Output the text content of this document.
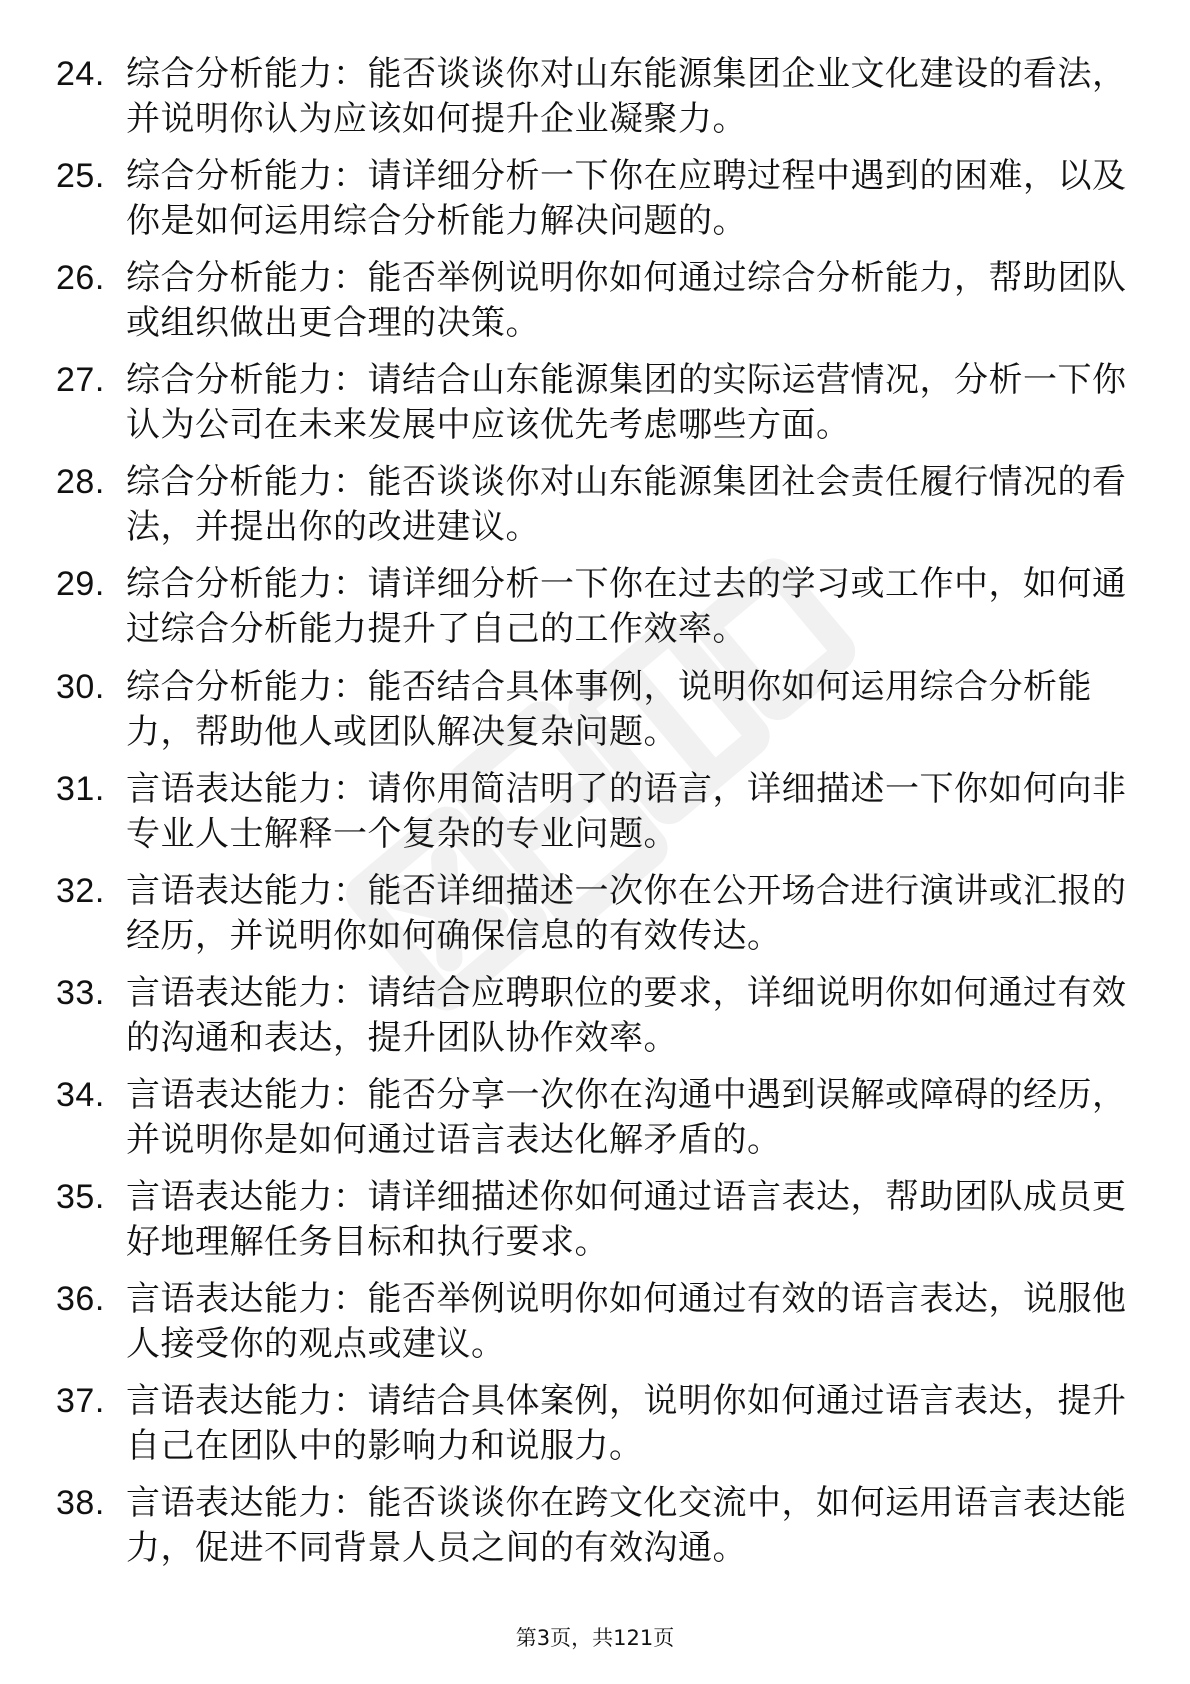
24. 综合分析能力：能否谈谈你对山东能源集团企业文化建设的看法，并说明你认为应该如何提升企业凝聚力。
25. 综合分析能力：请详细分析一下你在应聘过程中遇到的困难，以及你是如何运用综合分析能力解决问题的。
26. 综合分析能力：能否举例说明你如何通过综合分析能力，帮助团队或组织做出更合理的决策。
27. 综合分析能力：请结合山东能源集团的实际运营情况，分析一下你认为公司在未来发展中应该优先考虑哪些方面。
28. 综合分析能力：能否谈谈你对山东能源集团社会责任履行情况的看法，并提出你的改进建议。
29. 综合分析能力：请详细分析一下你在过去的学习或工作中，如何通过综合分析能力提升了自己的工作效率。
30. 综合分析能力：能否结合具体事例，说明你如何运用综合分析能力，帮助他人或团队解决复杂问题。
31. 言语表达能力：请你用简洁明了的语言，详细描述一下你如何向非专业人士解释一个复杂的专业问题。
32. 言语表达能力：能否详细描述一次你在公开场合进行演讲或汇报的经历，并说明你如何确保信息的有效传达。
33. 言语表达能力：请结合应聘职位的要求，详细说明你如何通过有效的沟通和表达，提升团队协作效率。
34. 言语表达能力：能否分享一次你在沟通中遇到误解或障碍的经历，并说明你是如何通过语言表达化解矛盾的。
35. 言语表达能力：请详细描述你如何通过语言表达，帮助团队成员更好地理解任务目标和执行要求。
36. 言语表达能力：能否举例说明你如何通过有效的语言表达，说服他人接受你的观点或建议。
37. 言语表达能力：请结合具体案例，说明你如何通过语言表达，提升自己在团队中的影响力和说服力。
38. 言语表达能力：能否谈谈你在跨文化交流中，如何运用语言表达能力，促进不同背景人员之间的有效沟通。
第3页，共121页
